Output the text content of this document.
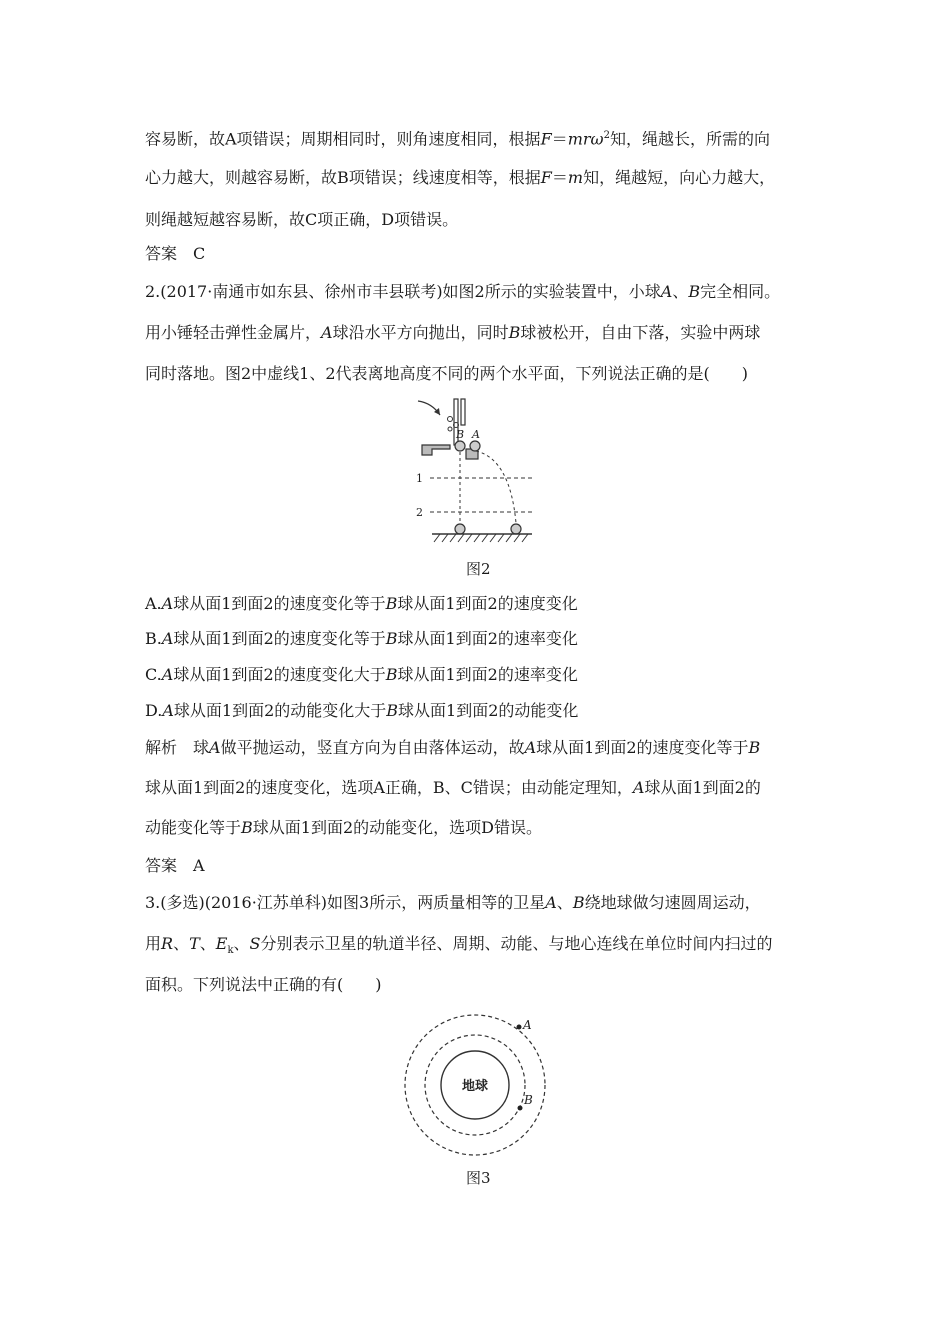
容易断，故A项错误；周期相同时，则角速度相同，根据F＝mrω$^2$知，绳越长，所需的向
心力越大，则越容易断，故B项错误；线速度相等，根据F＝m知，绳越短，向心力越大，
则绳越短越容易断，故C项正确，D项错误。
答案 C
2.(2017·南通市如东县、徐州市丰县联考)如图2所示的实验装置中，小球A、B完全相同。
用小锤轻击弹性金属片，A球沿水平方向抛出，同时B球被松开，自由下落，实验中两球
同时落地。图2中虚线1、2代表离地高度不同的两个水平面，下列说法正确的是(　　)
B A
1
2
图2
A.A球从面1到面2的速度变化等于B球从面1到面2的速度变化
B.A球从面1到面2的速度变化等于B球从面1到面2的速率变化
C.A球从面1到面2的速度变化大于B球从面1到面2的速率变化
D.A球从面1到面2的动能变化大于B球从面1到面2的动能变化
解析 球A做平抛运动，竖直方向为自由落体运动，故A球从面1到面2的速度变化等于B
球从面1到面2的速度变化，选项A正确，B、C错误；由动能定理知，A球从面1到面2的
动能变化等于B球从面1到面2的动能变化，选项D错误。
答案 A
3.(多选)(2016·江苏单科)如图3所示，两质量相等的卫星A、B绕地球做匀速圆周运动，
用R、T、$E_k$、S分别表示卫星的轨道半径、周期、动能、与地心连线在单位时间内扫过的
面积。下列说法中正确的有(　　)
地球
A
B
图3
